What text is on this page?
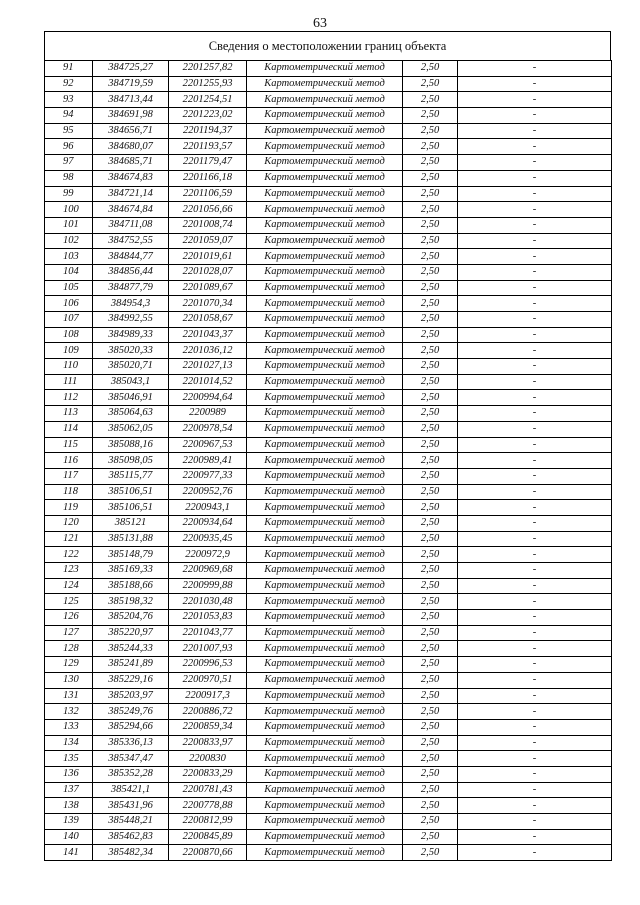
63
Сведения о местоположении границ объекта
91	384725,27	2201257,82	Картометрический метод	2,50	-
92	384719,59	2201255,93	Картометрический метод	2,50	-
93	384713,44	2201254,51	Картометрический метод	2,50	-
94	384691,98	2201223,02	Картометрический метод	2,50	-
95	384656,71	2201194,37	Картометрический метод	2,50	-
96	384680,07	2201193,57	Картометрический метод	2,50	-
97	384685,71	2201179,47	Картометрический метод	2,50	-
98	384674,83	2201166,18	Картометрический метод	2,50	-
99	384721,14	2201106,59	Картометрический метод	2,50	-
100	384674,84	2201056,66	Картометрический метод	2,50	-
101	384711,08	2201008,74	Картометрический метод	2,50	-
102	384752,55	2201059,07	Картометрический метод	2,50	-
103	384844,77	2201019,61	Картометрический метод	2,50	-
104	384856,44	2201028,07	Картометрический метод	2,50	-
105	384877,79	2201089,67	Картометрический метод	2,50	-
106	384954,3	2201070,34	Картометрический метод	2,50	-
107	384992,55	2201058,67	Картометрический метод	2,50	-
108	384989,33	2201043,37	Картометрический метод	2,50	-
109	385020,33	2201036,12	Картометрический метод	2,50	-
110	385020,71	2201027,13	Картометрический метод	2,50	-
111	385043,1	2201014,52	Картометрический метод	2,50	-
112	385046,91	2200994,64	Картометрический метод	2,50	-
113	385064,63	2200989	Картометрический метод	2,50	-
114	385062,05	2200978,54	Картометрический метод	2,50	-
115	385088,16	2200967,53	Картометрический метод	2,50	-
116	385098,05	2200989,41	Картометрический метод	2,50	-
117	385115,77	2200977,33	Картометрический метод	2,50	-
118	385106,51	2200952,76	Картометрический метод	2,50	-
119	385106,51	2200943,1	Картометрический метод	2,50	-
120	385121	2200934,64	Картометрический метод	2,50	-
121	385131,88	2200935,45	Картометрический метод	2,50	-
122	385148,79	2200972,9	Картометрический метод	2,50	-
123	385169,33	2200969,68	Картометрический метод	2,50	-
124	385188,66	2200999,88	Картометрический метод	2,50	-
125	385198,32	2201030,48	Картометрический метод	2,50	-
126	385204,76	2201053,83	Картометрический метод	2,50	-
127	385220,97	2201043,77	Картометрический метод	2,50	-
128	385244,33	2201007,93	Картометрический метод	2,50	-
129	385241,89	2200996,53	Картометрический метод	2,50	-
130	385229,16	2200970,51	Картометрический метод	2,50	-
131	385203,97	2200917,3	Картометрический метод	2,50	-
132	385249,76	2200886,72	Картометрический метод	2,50	-
133	385294,66	2200859,34	Картометрический метод	2,50	-
134	385336,13	2200833,97	Картометрический метод	2,50	-
135	385347,47	2200830	Картометрический метод	2,50	-
136	385352,28	2200833,29	Картометрический метод	2,50	-
137	385421,1	2200781,43	Картометрический метод	2,50	-
138	385431,96	2200778,88	Картометрический метод	2,50	-
139	385448,21	2200812,99	Картометрический метод	2,50	-
140	385462,83	2200845,89	Картометрический метод	2,50	-
141	385482,34	2200870,66	Картометрический метод	2,50	-
